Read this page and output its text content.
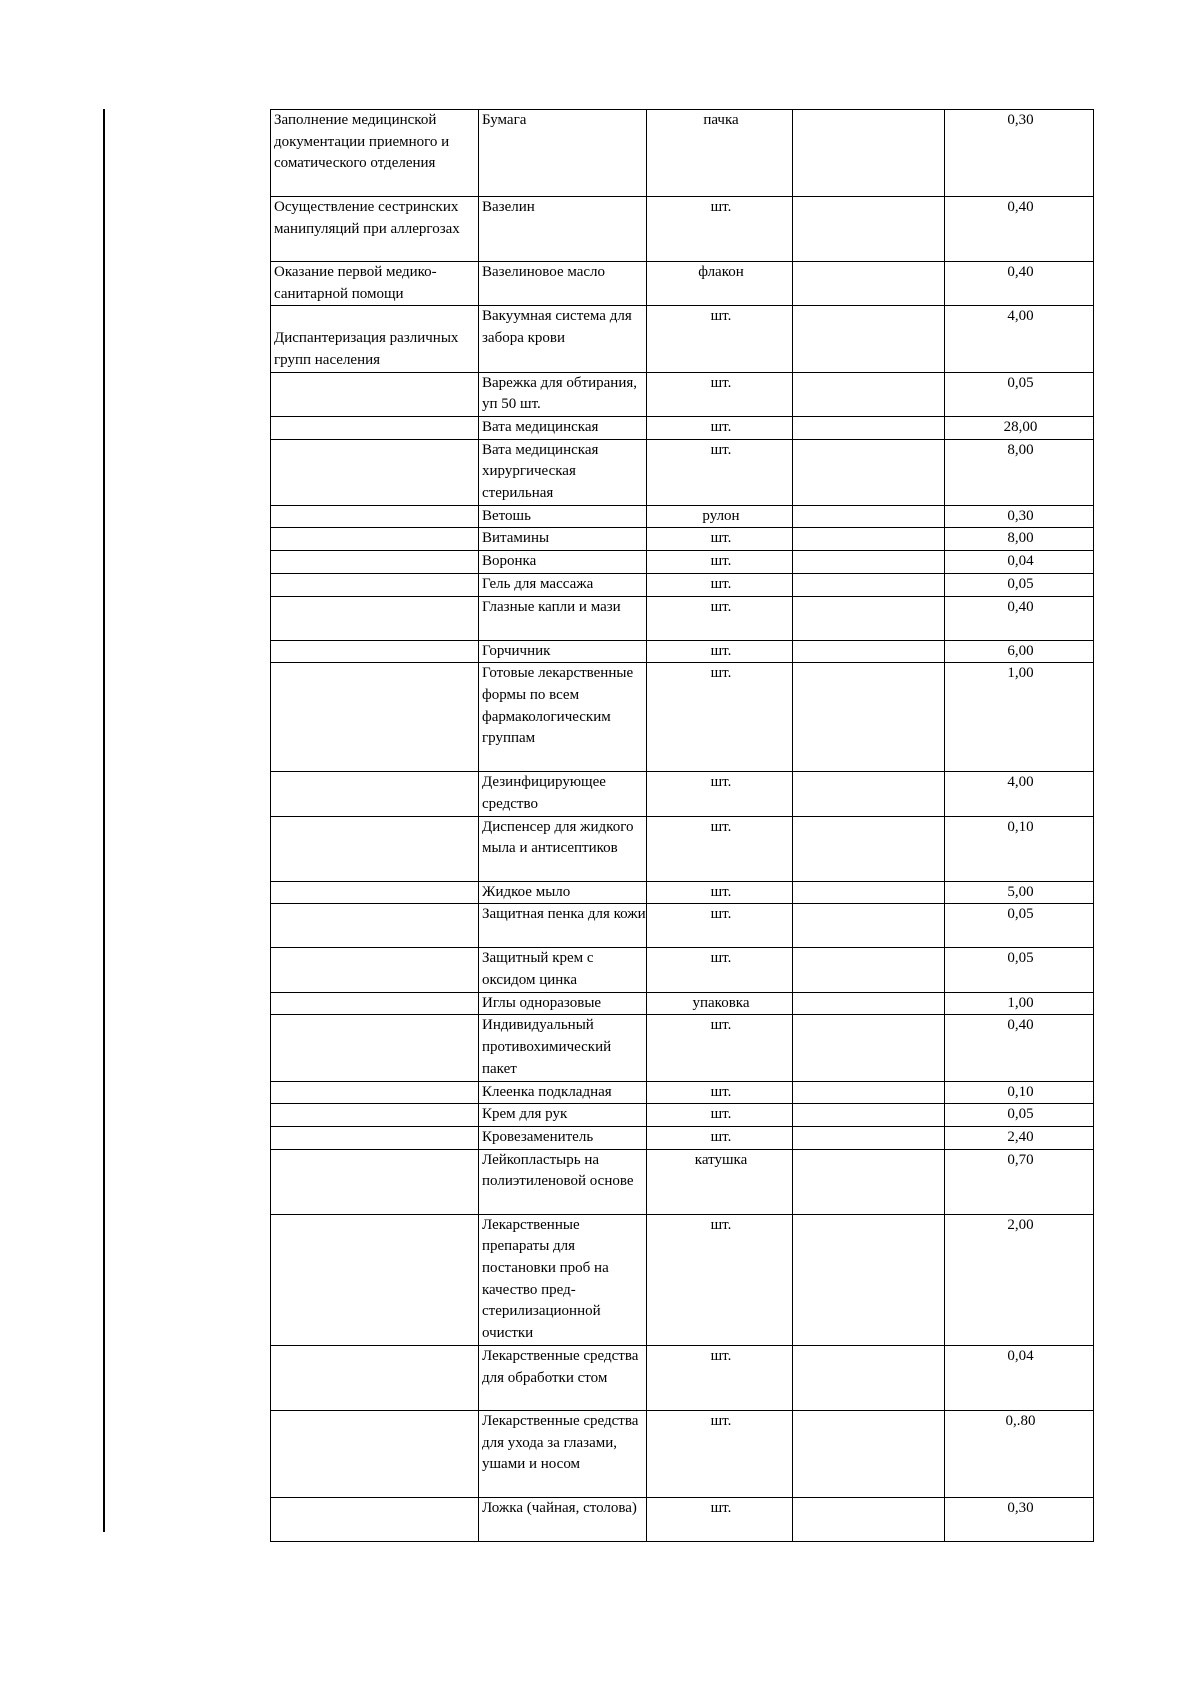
Заполнение медицинской документации приемного и соматического отделения	Бумага	пачка		0,30
Осуществление сестринских манипуляций при аллергозах	Вазелин	шт.		0,40
Оказание первой медико-санитарной помощи	Вазелиновое масло	флакон		0,40

Диспантеризация различных групп населения	Вакуумная система для забора крови	шт.		4,00
	Варежка для обтирания, уп 50 шт.	шт.		0,05
	Вата медицинская	шт.		28,00
	Вата медицинская хирургическая стерильная	шт.		8,00
	Ветошь	рулон		0,30
	Витамины	шт.		8,00
	Воронка	шт.		0,04
	Гель для массажа	шт.		0,05
	Глазные капли и мази	шт.		0,40
	Горчичник	шт.		6,00
	Готовые лекарственные формы по всем фармакологическим группам	шт.		1,00
	Дезинфицирующее средство	шт.		4,00
	Диспенсер для жидкого мыла и антисептиков	шт.		0,10
	Жидкое мыло	шт.		5,00
	Защитная пенка для кожи	шт.		0,05
	Защитный крем с оксидом цинка	шт.		0,05
	Иглы одноразовые	упаковка		1,00
	Индивидуальный противохимический пакет	шт.		0,40
	Клеенка подкладная	шт.		0,10
	Крем для рук	шт.		0,05
	Кровезаменитель	шт.		2,40
	Лейкопластырь на полиэтиленовой основе	катушка		0,70
	Лекарственные препараты для постановки проб на качество пред-стерилизационной очистки	шт.		2,00
	Лекарственные средства для обработки стом	шт.		0,04
	Лекарственные средства для ухода за глазами, ушами и носом	шт.		0,.80
	Ложка (чайная, столова)	шт.		0,30
